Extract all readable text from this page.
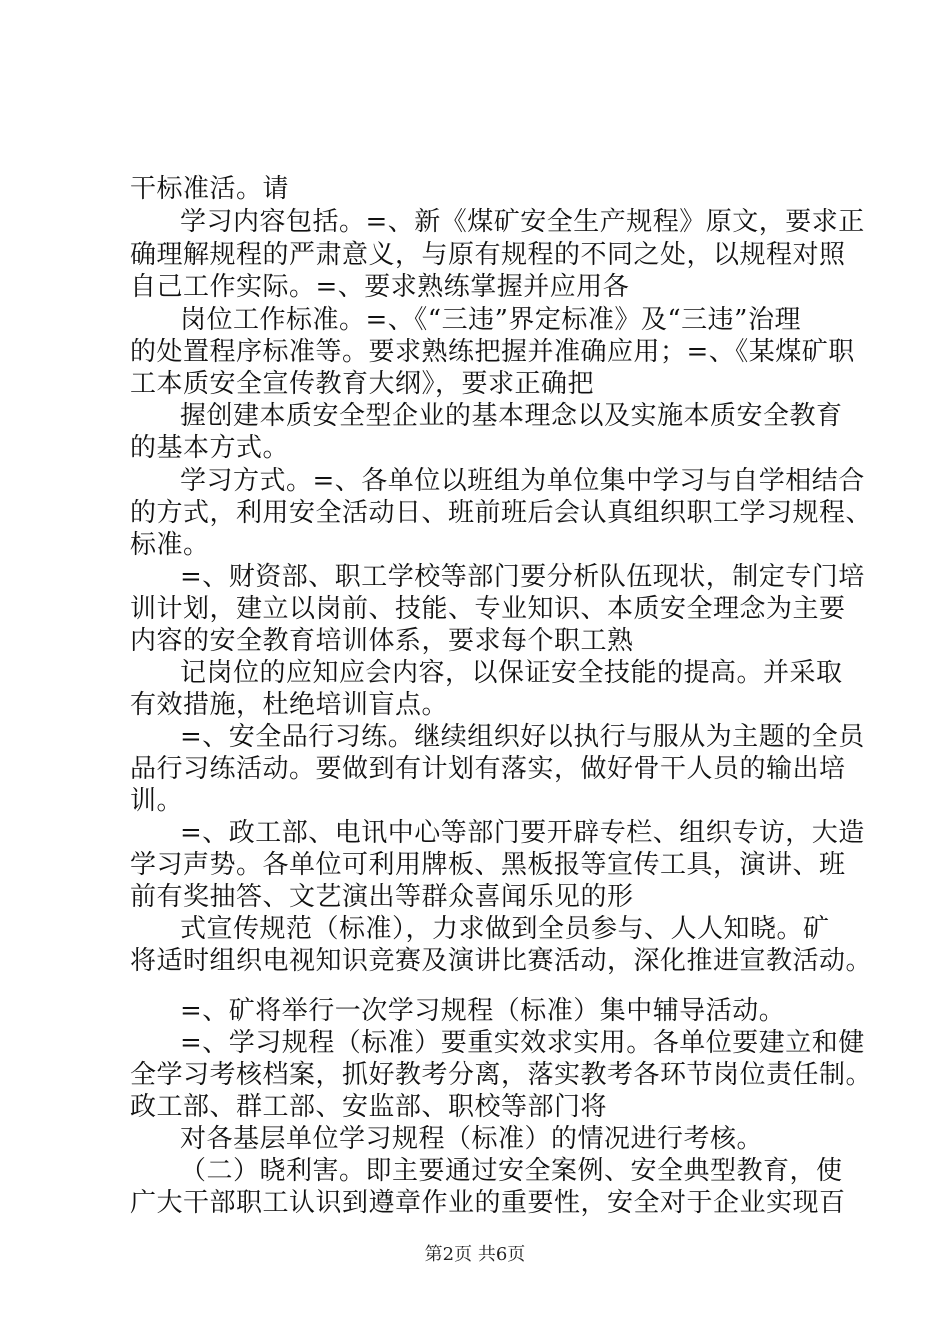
干标准活。请
学习内容包括。=、新《煤矿安全生产规程》原文，要求正
确理解规程的严肃意义，与原有规程的不同之处，以规程对照
自己工作实际。=、要求熟练掌握并应用各
岗位工作标准。=、《“三违”界定标准》及“三违”治理
的处置程序标准等。要求熟练把握并准确应用；=、《某煤矿职
工本质安全宣传教育大纲》，要求正确把
握创建本质安全型企业的基本理念以及实施本质安全教育
的基本方式。
学习方式。=、各单位以班组为单位集中学习与自学相结合
的方式，利用安全活动日、班前班后会认真组织职工学习规程、
标准。
=、财资部、职工学校等部门要分析队伍现状，制定专门培
训计划，建立以岗前、技能、专业知识、本质安全理念为主要
内容的安全教育培训体系，要求每个职工熟
记岗位的应知应会内容，以保证安全技能的提高。并采取
有效措施，杜绝培训盲点。
=、安全品行习练。继续组织好以执行与服从为主题的全员
品行习练活动。要做到有计划有落实，做好骨干人员的输出培
训。
=、政工部、电讯中心等部门要开辟专栏、组织专访，大造
学习声势。各单位可利用牌板、黑板报等宣传工具，演讲、班
前有奖抽答、文艺演出等群众喜闻乐见的形
式宣传规范（标准），力求做到全员参与、人人知晓。矿
将适时组织电视知识竞赛及演讲比赛活动，深化推进宣教活动。
=、矿将举行一次学习规程（标准）集中辅导活动。
=、学习规程（标准）要重实效求实用。各单位要建立和健
全学习考核档案，抓好教考分离，落实教考各环节岗位责任制。
政工部、群工部、安监部、职校等部门将
对各基层单位学习规程（标准）的情况进行考核。
（二）晓利害。即主要通过安全案例、安全典型教育，使
广大干部职工认识到遵章作业的重要性，安全对于企业实现百
第2页 共6页
